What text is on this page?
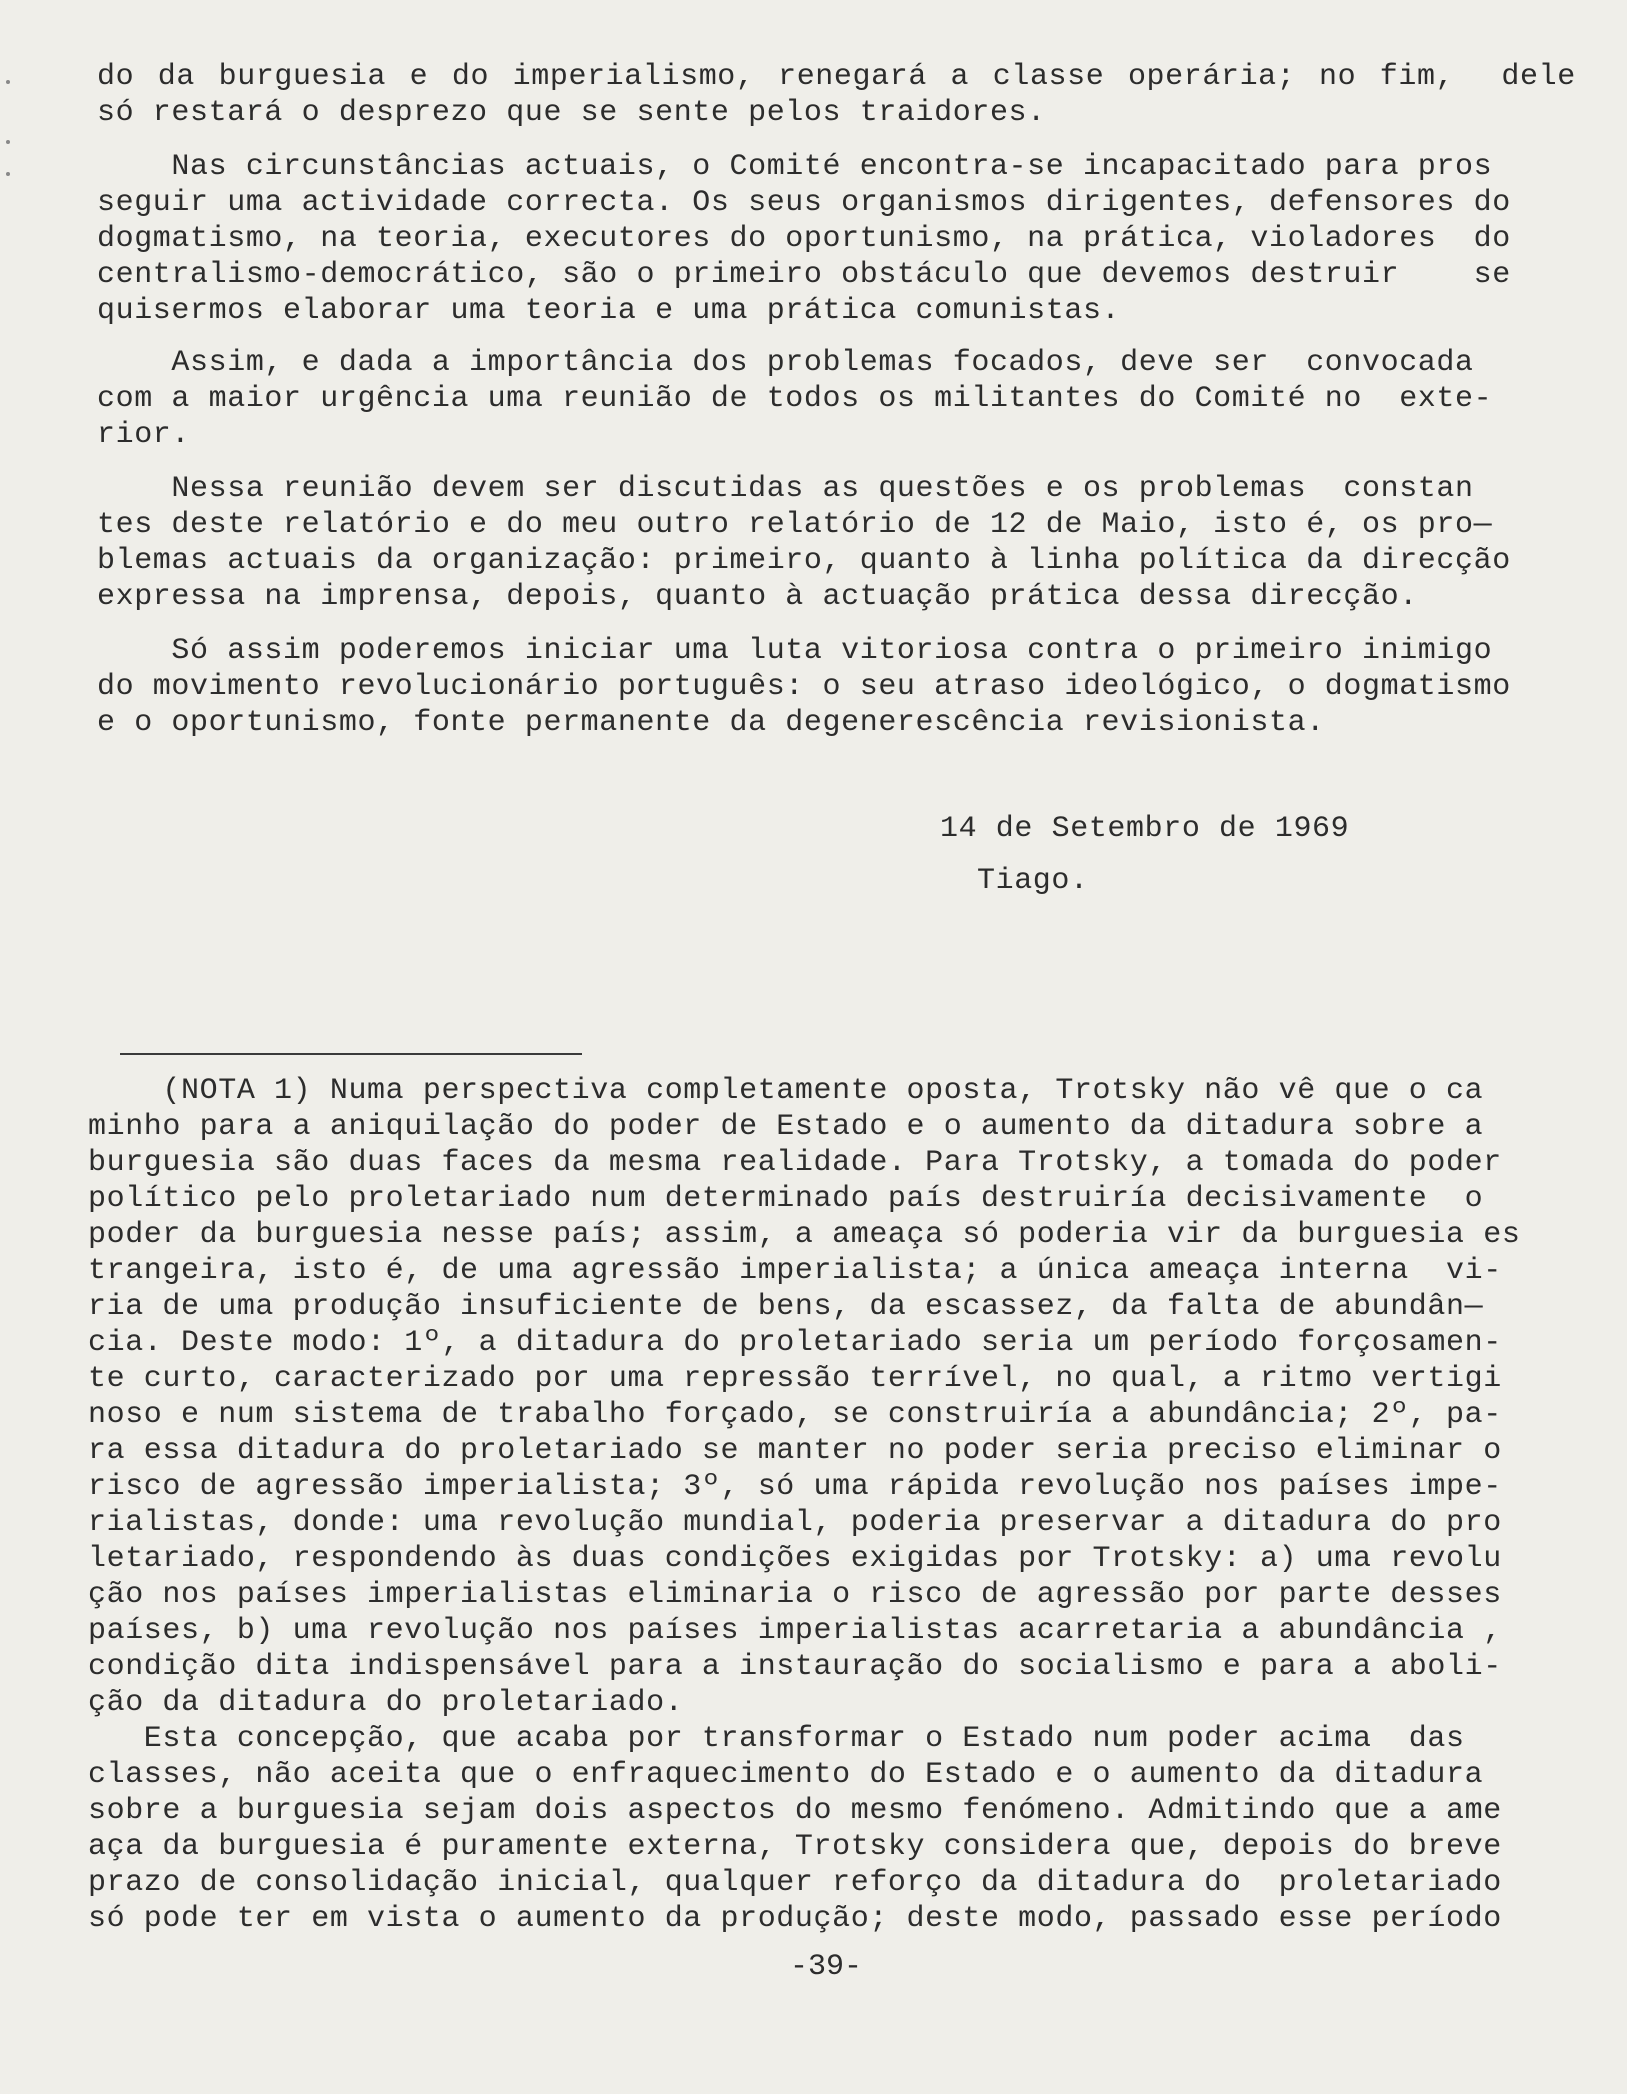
do da burguesia e do imperialismo, renegará a classe operária; no fim,  dele
só restará o desprezo que se sente pelos traidores.
Nas circunstâncias actuais, o Comité encontra-se incapacitado para pros
seguir uma actividade correcta. Os seus organismos dirigentes, defensores do
dogmatismo, na teoria, executores do oportunismo, na prática, violadores  do
centralismo-democrático, são o primeiro obstáculo que devemos destruir    se
quisermos elaborar uma teoria e uma prática comunistas.
Assim, e dada a importância dos problemas focados, deve ser  convocada
com a maior urgência uma reunião de todos os militantes do Comité no  exte-
rior.
Nessa reunião devem ser discutidas as questões e os problemas  constan
tes deste relatório e do meu outro relatório de 12 de Maio, isto é, os pro—
blemas actuais da organização: primeiro, quanto à linha política da direcção
expressa na imprensa, depois, quanto à actuação prática dessa direcção.
Só assim poderemos iniciar uma luta vitoriosa contra o primeiro inimigo
do movimento revolucionário português: o seu atraso ideológico, o dogmatismo
e o oportunismo, fonte permanente da degenerescência revisionista.
14 de Setembro de 1969
Tiago.
(NOTA 1) Numa perspectiva completamente oposta, Trotsky não vê que o ca
minho para a aniquilação do poder de Estado e o aumento da ditadura sobre a
burguesia são duas faces da mesma realidade. Para Trotsky, a tomada do poder
político pelo proletariado num determinado país destruiría decisivamente  o
poder da burguesia nesse país; assim, a ameaça só poderia vir da burguesia es
trangeira, isto é, de uma agressão imperialista; a única ameaça interna  vi-
ria de uma produção insuficiente de bens, da escassez, da falta de abundân—
cia. Deste modo: 1º, a ditadura do proletariado seria um período forçosamen-
te curto, caracterizado por uma repressão terrível, no qual, a ritmo vertigi
noso e num sistema de trabalho forçado, se construiría a abundância; 2º, pa-
ra essa ditadura do proletariado se manter no poder seria preciso eliminar o
risco de agressão imperialista; 3º, só uma rápida revolução nos países impe-
rialistas, donde: uma revolução mundial, poderia preservar a ditadura do pro
letariado, respondendo às duas condições exigidas por Trotsky: a) uma revolu
ção nos países imperialistas eliminaria o risco de agressão por parte desses
países, b) uma revolução nos países imperialistas acarretaria a abundância ,
condição dita indispensável para a instauração do socialismo e para a aboli-
ção da ditadura do proletariado.
Esta concepção, que acaba por transformar o Estado num poder acima  das
classes, não aceita que o enfraquecimento do Estado e o aumento da ditadura
sobre a burguesia sejam dois aspectos do mesmo fenómeno. Admitindo que a ame
aça da burguesia é puramente externa, Trotsky considera que, depois do breve
prazo de consolidação inicial, qualquer reforço da ditadura do  proletariado
só pode ter em vista o aumento da produção; deste modo, passado esse período
-39-
